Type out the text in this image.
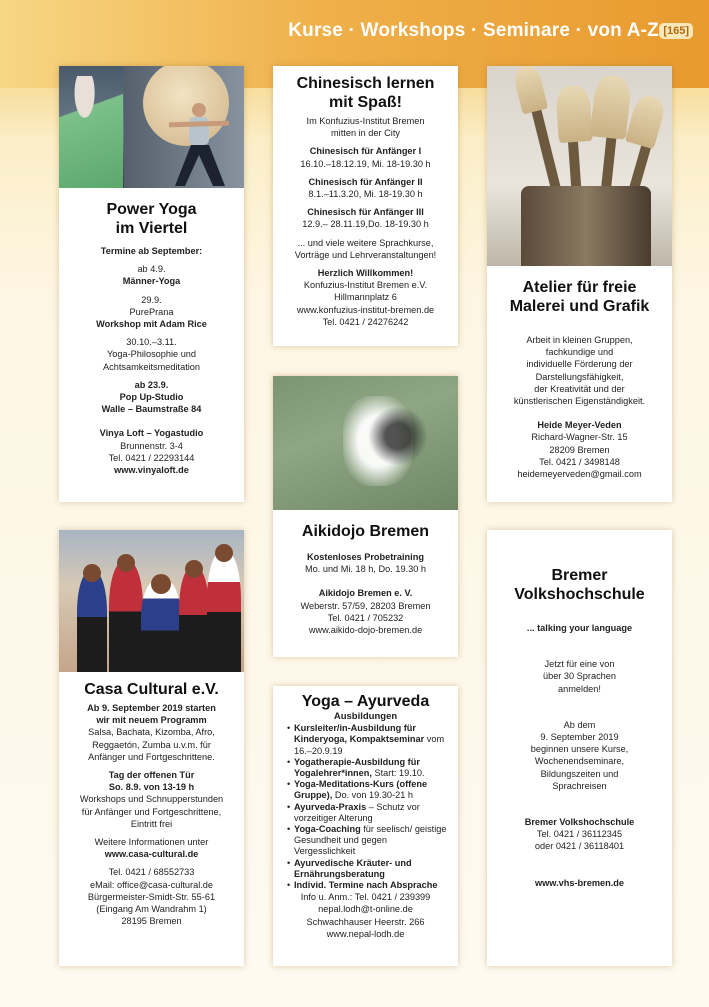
Kurse · Workshops · Seminare · von A-Z [165]
Power Yoga
im Viertel

Termine ab September:

ab 4.9.

Männer-Yoga

29.9.

PurePrana

Workshop mit Adam Rice

30.10.–3.11.

Yoga-Philosophie und

Achtsamkeitsmeditation

ab 23.9.

Pop Up-Studio

Walle – Baumstraße 84

Vinya Loft – Yogastudio

Brunnenstr. 3-4

Tel. 0421 / 22293144

www.vinyaloft.de

Chinesisch lernen
mit Spaß!

Im Konfuzius-Institut Bremen

mitten in der City

Chinesisch für Anfänger I

16.10.–18.12.19, Mi. 18-19.30 h

Chinesisch für Anfänger II

8.1.–11.3.20, Mi. 18-19.30 h

Chinesisch für Anfänger III

12.9.– 28.11.19,Do. 18-19.30 h

... und viele weitere Sprachkurse,

Vorträge und Lehrveranstaltungen!

Herzlich Willkommen!

Konfuzius-Institut Bremen e.V.

Hillmannplatz 6

www.konfuzius-institut-bremen.de

Tel. 0421 / 24276242

Atelier für freie
Malerei und Grafik

Arbeit in kleinen Gruppen,

fachkundige und

individuelle Förderung der

Darstellungsfähigkeit,

der Kreativität und der

künstlerischen Eigenständigkeit.

Heide Meyer-Veden

Richard-Wagner-Str. 15

28209 Bremen

Tel. 0421 / 3498148

heidemeyerveden@gmail.com

Aikidojo Bremen

Kostenloses Probetraining

Mo. und Mi. 18 h, Do. 19.30 h

Aikidojo Bremen e. V.

Weberstr. 57/59, 28203 Bremen

Tel. 0421 / 705232

www.aikido-dojo-bremen.de

Casa Cultural e.V.

Ab 9. September 2019 starten

wir mit neuem Programm

Salsa, Bachata, Kizomba, Afro,

Reggaetón, Zumba u.v.m. für

Anfänger und Fortgeschrittene.

Tag der offenen Tür

So. 8.9. von 13-19 h

Workshops und Schnupperstunden

für Anfänger und Fortgeschrittene,

Eintritt frei

Weitere Informationen unter

www.casa-cultural.de

Tel. 0421 / 68552733

eMail: office@casa-cultural.de

Bürgermeister-Smidt-Str. 55-61

(Eingang Am Wandrahm 1)

28195 Bremen

Yoga – Ayurveda

Ausbildungen

• Kursleiter/in-Ausbildung für Kinderyoga, Kompaktseminar vom 16.–20.9.19
• Yogatherapie-Ausbildung für Yogalehrer*innen, Start: 19.10.
• Yoga-Meditations-Kurs (offene Gruppe), Do. von 19.30-21 h
• Ayurveda-Praxis – Schutz vor vorzeitiger Alterung
• Yoga-Coaching für seelisch/ geistige Gesundheit und gegen Vergesslichkeit
• Ayurvedische Kräuter- und Ernährungsberatung
• Individ. Termine nach Absprache

Info u. Anm.: Tel. 0421 / 239399

nepal.lodh@t-online.de

Schwachhauser Heerstr. 266

www.nepal-lodh.de

Bremer
Volkshochschule

... talking your language

Jetzt für eine von

über 30 Sprachen

anmelden!

Ab dem

9. September 2019

beginnen unsere Kurse,

Wochenendseminare,

Bildungszeiten und

Sprachreisen

Bremer Volkshochschule

Tel. 0421 / 36112345

oder 0421 / 36118401

www.vhs-bremen.de
